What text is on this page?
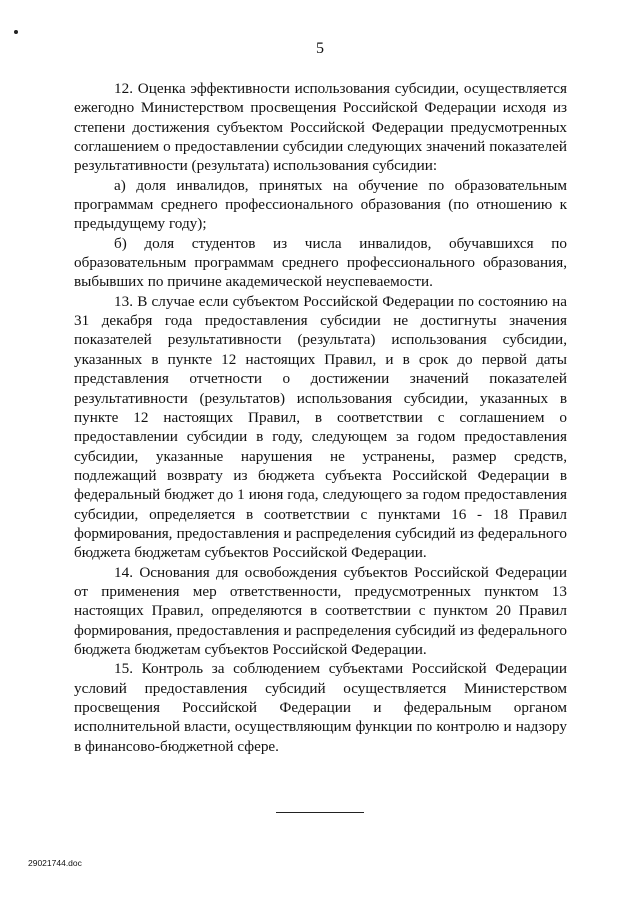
5

12. Оценка эффективности использования субсидии, осуществляется ежегодно Министерством просвещения Российской Федерации исходя из степени достижения субъектом Российской Федерации предусмотренных соглашением о предоставлении субсидии следующих значений показателей результативности (результата) использования субсидии:

а) доля инвалидов, принятых на обучение по образовательным программам среднего профессионального образования (по отношению к предыдущему году);

б) доля студентов из числа инвалидов, обучавшихся по образовательным программам среднего профессионального образования, выбывших по причине академической неуспеваемости.

13. В случае если субъектом Российской Федерации по состоянию на 31 декабря года предоставления субсидии не достигнуты значения показателей результативности (результата) использования субсидии, указанных в пункте 12 настоящих Правил, и в срок до первой даты представления отчетности о достижении значений показателей результативности (результатов) использования субсидии, указанных в пункте 12 настоящих Правил, в соответствии с соглашением о предоставлении субсидии в году, следующем за годом предоставления субсидии, указанные нарушения не устранены, размер средств, подлежащий возврату из бюджета субъекта Российской Федерации в федеральный бюджет до 1 июня года, следующего за годом предоставления субсидии, определяется в соответствии с пунктами 16 - 18 Правил формирования, предоставления и распределения субсидий из федерального бюджета бюджетам субъектов Российской Федерации.

14. Основания для освобождения субъектов Российской Федерации от применения мер ответственности, предусмотренных пунктом 13 настоящих Правил, определяются в соответствии с пунктом 20 Правил формирования, предоставления и распределения субсидий из федерального бюджета бюджетам субъектов Российской Федерации.

15. Контроль за соблюдением субъектами Российской Федерации условий предоставления субсидий осуществляется Министерством просвещения Российской Федерации и федеральным органом исполнительной власти, осуществляющим функции по контролю и надзору в финансово-бюджетной сфере.

29021744.doc
